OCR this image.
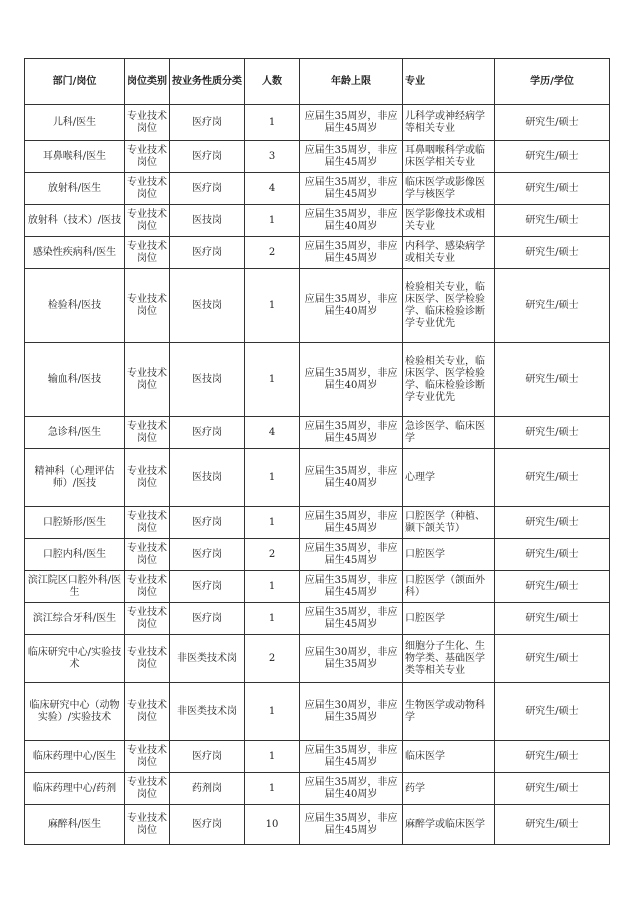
部门/岗位	岗位类别	按业务性质分类	人数	年龄上限	专业	学历/学位
儿科/医生	专业技术岗位	医疗岗	1	应届生35周岁，非应届生45周岁	儿科学或神经病学等相关专业	研究生/硕士
耳鼻喉科/医生	专业技术岗位	医疗岗	3	应届生35周岁，非应届生45周岁	耳鼻咽喉科学或临床医学相关专业	研究生/硕士
放射科/医生	专业技术岗位	医疗岗	4	应届生35周岁，非应届生45周岁	临床医学或影像医学与核医学	研究生/硕士
放射科（技术）/医技	专业技术岗位	医技岗	1	应届生35周岁，非应届生40周岁	医学影像技术或相关专业	研究生/硕士
感染性疾病科/医生	专业技术岗位	医疗岗	2	应届生35周岁，非应届生45周岁	内科学、感染病学或相关专业	研究生/硕士
检验科/医技	专业技术岗位	医技岗	1	应届生35周岁，非应届生40周岁	检验相关专业，临床医学、医学检验学、临床检验诊断学专业优先	研究生/硕士
输血科/医技	专业技术岗位	医技岗	1	应届生35周岁，非应届生40周岁	检验相关专业，临床医学、医学检验学、临床检验诊断学专业优先	研究生/硕士
急诊科/医生	专业技术岗位	医疗岗	4	应届生35周岁，非应届生45周岁	急诊医学、临床医学	研究生/硕士
精神科（心理评估师）/医技	专业技术岗位	医技岗	1	应届生35周岁，非应届生40周岁	心理学	研究生/硕士
口腔矫形/医生	专业技术岗位	医疗岗	1	应届生35周岁，非应届生45周岁	口腔医学（种植、颞下颌关节）	研究生/硕士
口腔内科/医生	专业技术岗位	医疗岗	2	应届生35周岁，非应届生45周岁	口腔医学	研究生/硕士
滨江院区口腔外科/医生	专业技术岗位	医疗岗	1	应届生35周岁，非应届生45周岁	口腔医学（颌面外科）	研究生/硕士
滨江综合牙科/医生	专业技术岗位	医疗岗	1	应届生35周岁，非应届生45周岁	口腔医学	研究生/硕士
临床研究中心/实验技术	专业技术岗位	非医类技术岗	2	应届生30周岁，非应届生35周岁	细胞分子生化、生物学类、基础医学类等相关专业	研究生/硕士
临床研究中心（动物实验）/实验技术	专业技术岗位	非医类技术岗	1	应届生30周岁，非应届生35周岁	生物医学或动物科学	研究生/硕士
临床药理中心/医生	专业技术岗位	医疗岗	1	应届生35周岁，非应届生45周岁	临床医学	研究生/硕士
临床药理中心/药剂	专业技术岗位	药剂岗	1	应届生35周岁，非应届生40周岁	药学	研究生/硕士
麻醉科/医生	专业技术岗位	医疗岗	10	应届生35周岁，非应届生45周岁	麻醉学或临床医学	研究生/硕士
